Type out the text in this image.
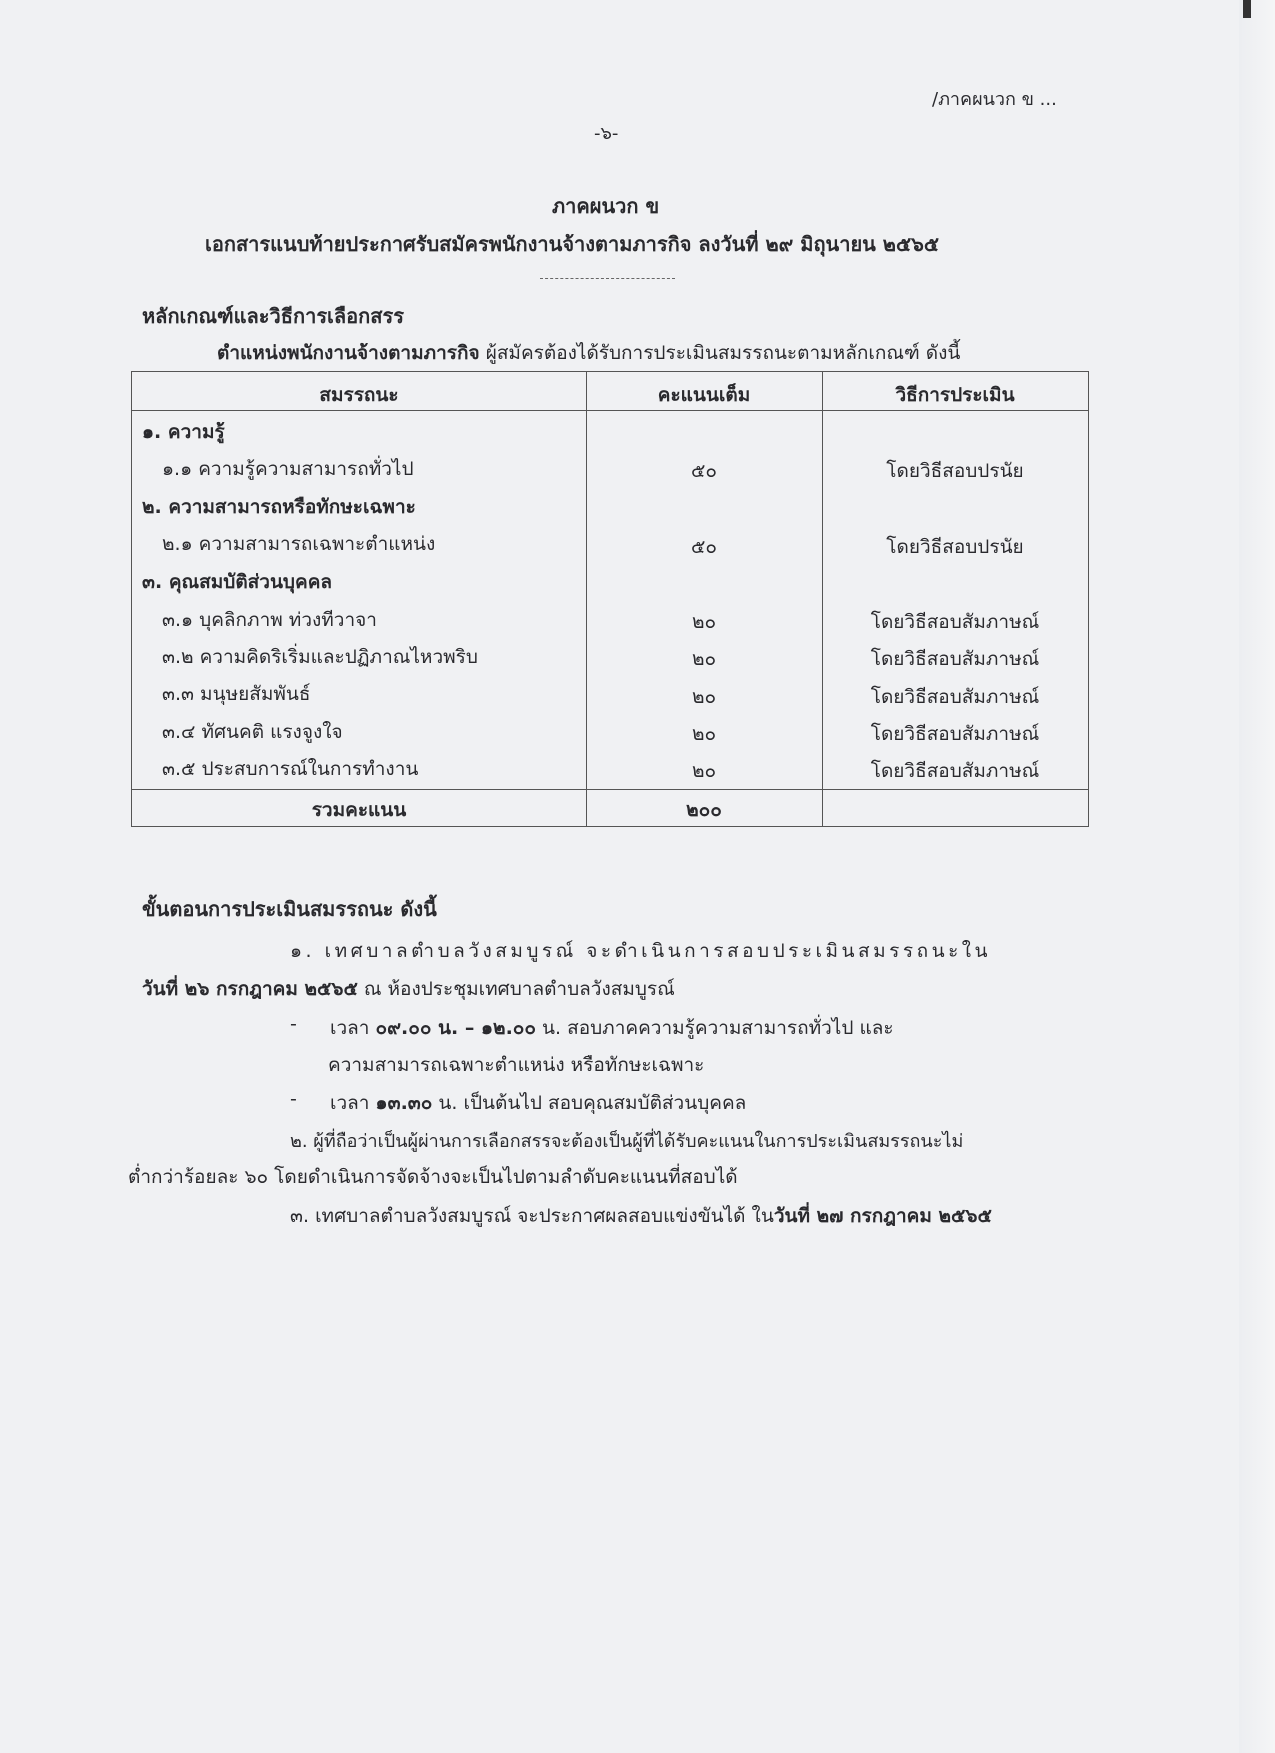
/ภาคผนวก ข ...
-๖-
ภาคผนวก ข
เอกสารแนบท้ายประกาศรับสมัครพนักงานจ้างตามภารกิจ ลงวันที่ ๒๙ มิถุนายน ๒๕๖๕
หลักเกณฑ์และวิธีการเลือกสรร
ตำแหน่งพนักงานจ้างตามภารกิจ ผู้สมัครต้องได้รับการประเมินสมรรถนะตามหลักเกณฑ์ ดังนี้
สมรรถนะ	คะแนนเต็ม	วิธีการประเมิน
๑. ความรู้
๑.๑ ความรู้ความสามารถทั่วไป	๕๐	โดยวิธีสอบปรนัย
๒. ความสามารถหรือทักษะเฉพาะ
๒.๑ ความสามารถเฉพาะตำแหน่ง	๕๐	โดยวิธีสอบปรนัย
๓. คุณสมบัติส่วนบุคคล
๓.๑ บุคลิกภาพ ท่วงทีวาจา	๒๐	โดยวิธีสอบสัมภาษณ์
๓.๒ ความคิดริเริ่มและปฏิภาณไหวพริบ	๒๐	โดยวิธีสอบสัมภาษณ์
๓.๓ มนุษยสัมพันธ์	๒๐	โดยวิธีสอบสัมภาษณ์
๓.๔ ทัศนคติ แรงจูงใจ	๒๐	โดยวิธีสอบสัมภาษณ์
๓.๕ ประสบการณ์ในการทำงาน	๒๐	โดยวิธีสอบสัมภาษณ์
รวมคะแนน	๒๐๐
ขั้นตอนการประเมินสมรรถนะ ดังนี้
๑. เทศบาลตำบลวังสมบูรณ์ จะดำเนินการสอบประเมินสมรรถนะใน
วันที่ ๒๖ กรกฎาคม ๒๕๖๕ ณ ห้องประชุมเทศบาลตำบลวังสมบูรณ์
- เวลา ๐๙.๐๐ น. – ๑๒.๐๐ น. สอบภาคความรู้ความสามารถทั่วไป และ
ความสามารถเฉพาะตำแหน่ง หรือทักษะเฉพาะ
- เวลา ๑๓.๓๐ น. เป็นต้นไป สอบคุณสมบัติส่วนบุคคล
๒. ผู้ที่ถือว่าเป็นผู้ผ่านการเลือกสรรจะต้องเป็นผู้ที่ได้รับคะแนนในการประเมินสมรรถนะไม่
ต่ำกว่าร้อยละ ๖๐ โดยดำเนินการจัดจ้างจะเป็นไปตามลำดับคะแนนที่สอบได้
๓. เทศบาลตำบลวังสมบูรณ์ จะประกาศผลสอบแข่งขันได้ ในวันที่ ๒๗ กรกฎาคม ๒๕๖๕
